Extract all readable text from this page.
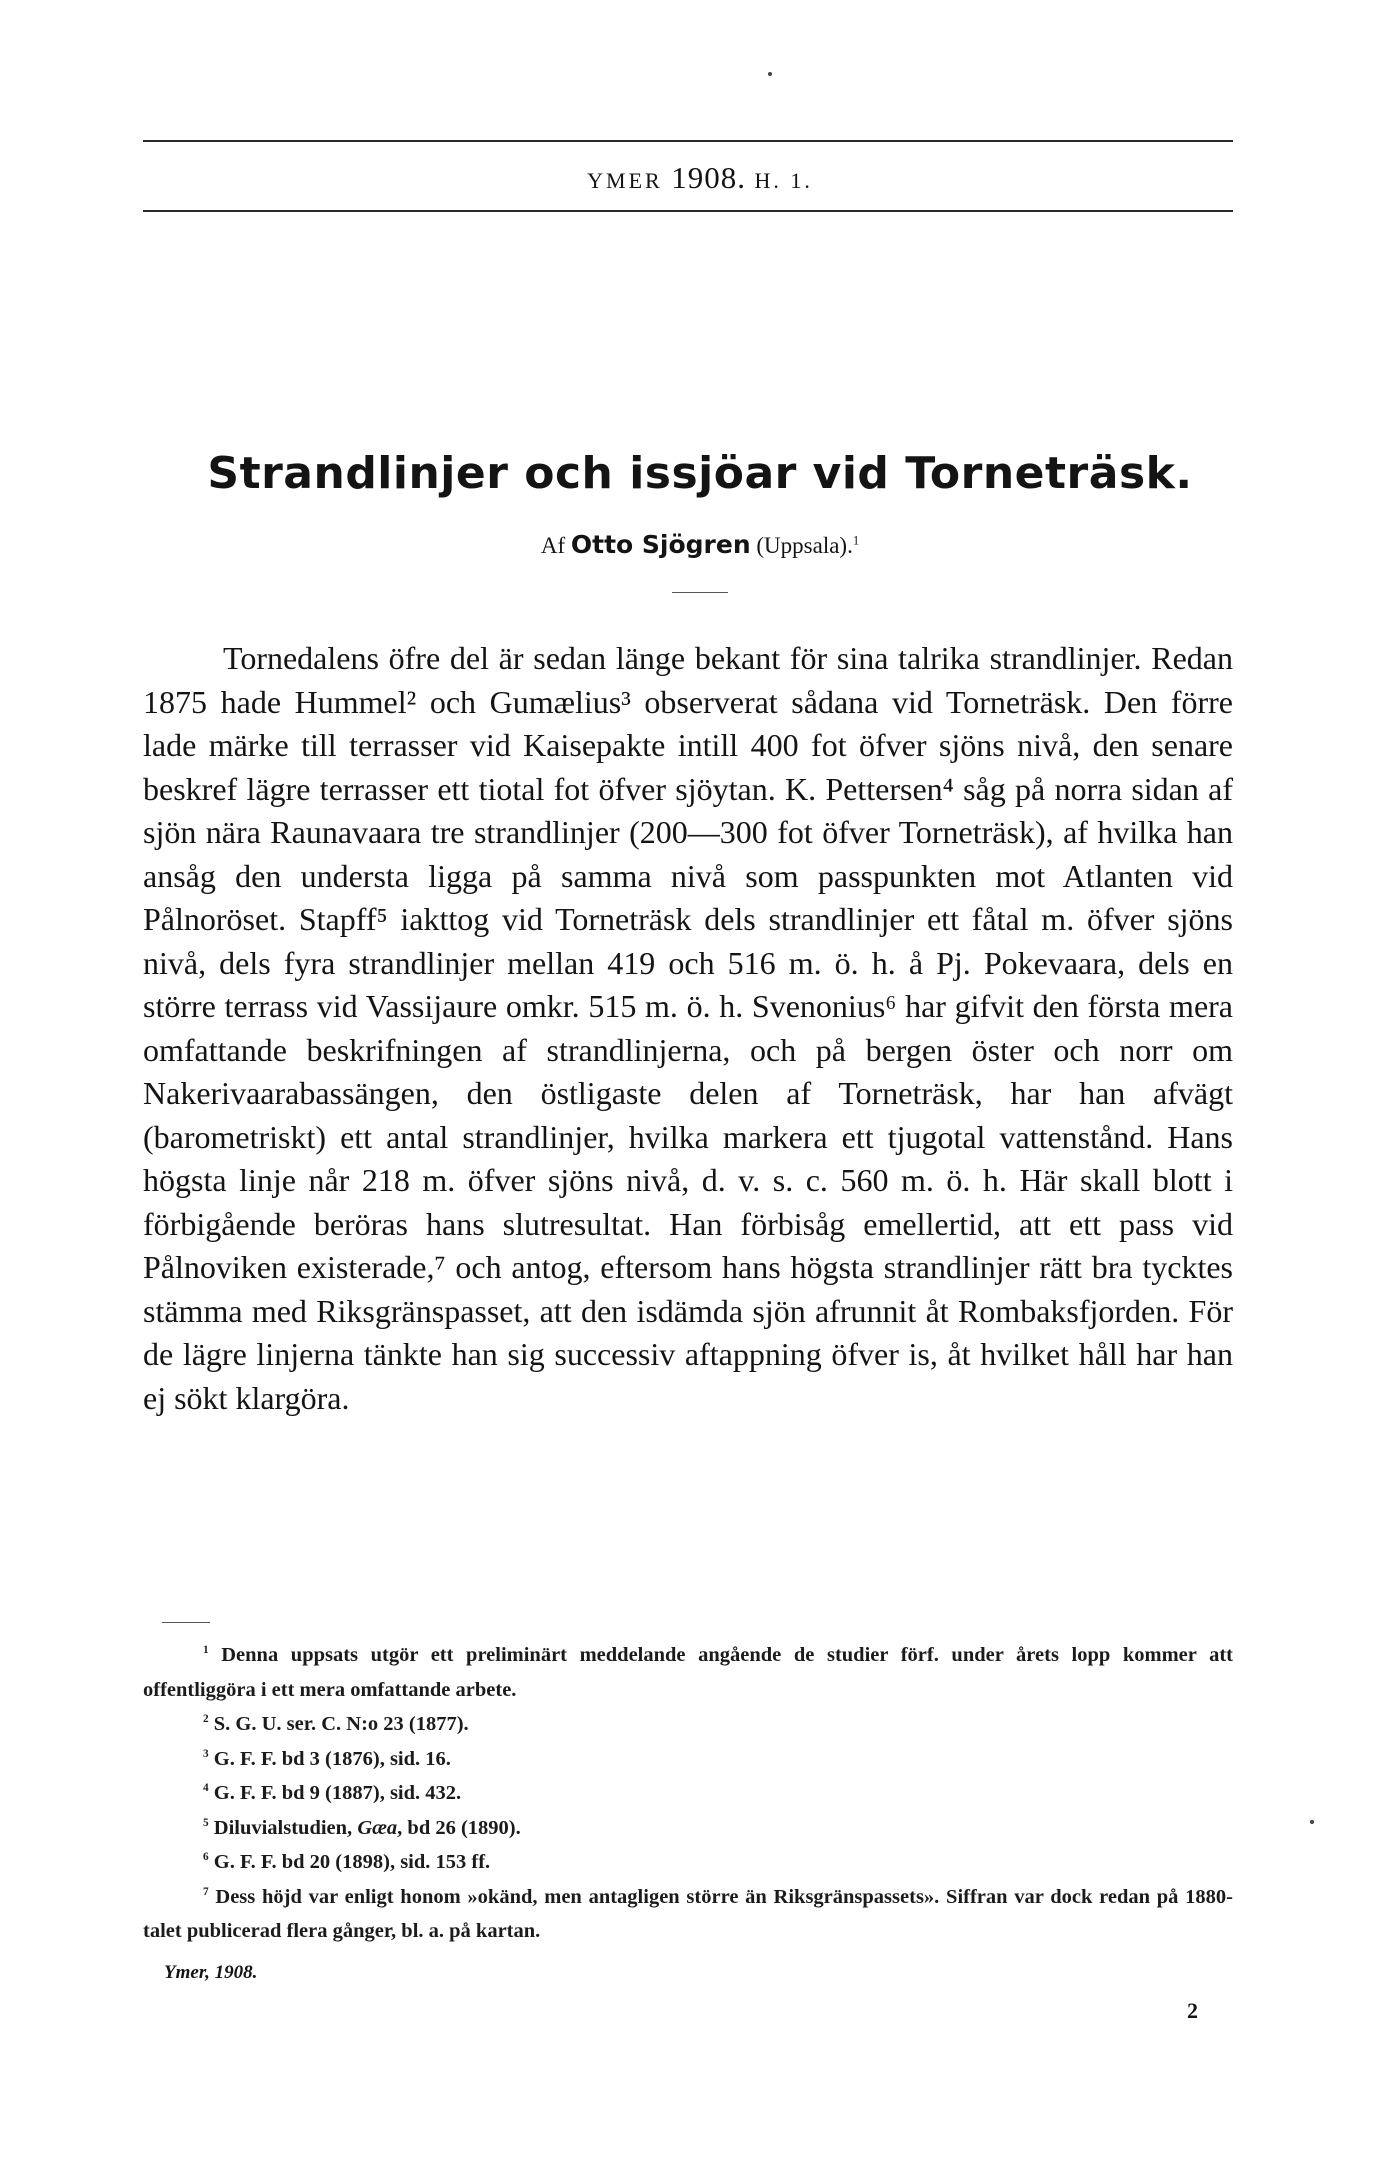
YMER 1908. H. 1.
Strandlinjer och issjöar vid Torneträsk.
Af Otto Sjögren (Uppsala).$^1$

Tornedalens öfre del är sedan länge bekant för sina talrika strandlinjer. Redan 1875 hade Hummel² och Gumælius³ observerat sådana vid Torneträsk. Den förre lade märke till terrasser vid Kaisepakte intill 400 fot öfver sjöns nivå, den senare beskref lägre terrasser ett tiotal fot öfver sjöytan. K. Pettersen⁴ såg på norra sidan af sjön nära Raunavaara tre strandlinjer (200—300 fot öfver Torneträsk), af hvilka han ansåg den understa ligga på samma nivå som passpunkten mot Atlanten vid Pålnoröset. Stapff⁵ iakttog vid Torneträsk dels strandlinjer ett fåtal m. öfver sjöns nivå, dels fyra strandlinjer mellan 419 och 516 m. ö. h. å Pj. Pokevaara, dels en större terrass vid Vassijaure omkr. 515 m. ö. h. Svenonius⁶ har gifvit den första mera omfattande beskrifningen af strandlinjerna, och på bergen öster och norr om Nakerivaarabassängen, den östligaste delen af Torneträsk, har han afvägt (barometriskt) ett antal strandlinjer, hvilka markera ett tjugotal vattenstånd. Hans högsta linje når 218 m. öfver sjöns nivå, d. v. s. c. 560 m. ö. h. Här skall blott i förbigående beröras hans slutresultat. Han förbisåg emellertid, att ett pass vid Pålnoviken existerade,⁷ och antog, eftersom hans högsta strandlinjer rätt bra tycktes stämma med Riksgränspasset, att den isdämda sjön afrunnit åt Rombaksfjorden. För de lägre linjerna tänkte han sig successiv aftappning öfver is, åt hvilket håll har han ej sökt klargöra.

$^1$ Denna uppsats utgör ett preliminärt meddelande angående de studier förf. under årets lopp kommer att offentliggöra i ett mera omfattande arbete.

$^2$ S. G. U. ser. C. N:o 23 (1877).

$^3$ G. F. F. bd 3 (1876), sid. 16.

$^4$ G. F. F. bd 9 (1887), sid. 432.

$^5$ Diluvialstudien, Gæa, bd 26 (1890).

$^6$ G. F. F. bd 20 (1898), sid. 153 ff.

$^7$ Dess höjd var enligt honom »okänd, men antagligen större än Riksgränspassets». Siffran var dock redan på 1880-talet publicerad flera gånger, bl. a. på kartan.

Ymer, 1908.
2
